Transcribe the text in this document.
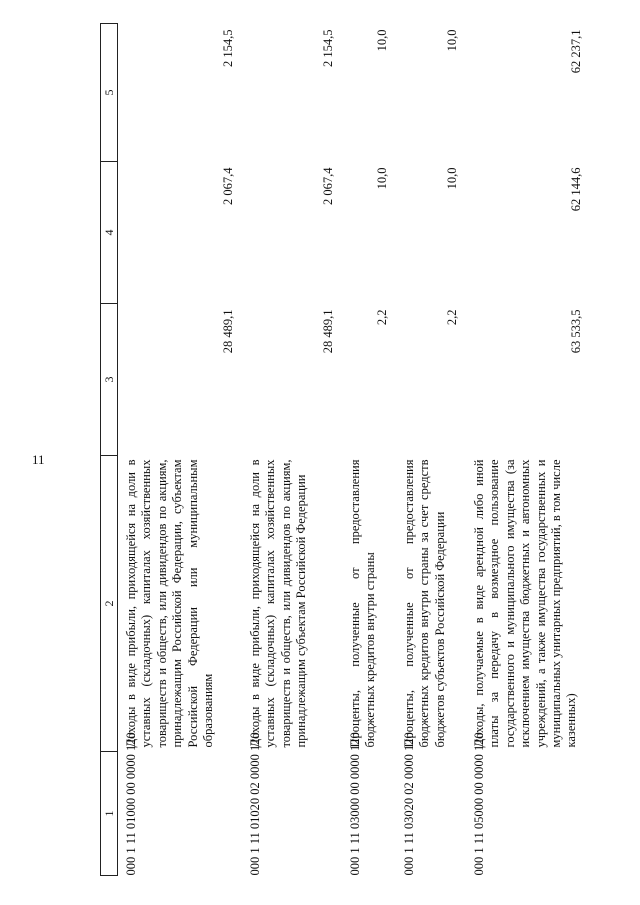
11
1	2	3	4	5
000 1 11 01000 00 0000 120	Доходы в виде прибыли, приходящейся на доли в уставных (складочных) капиталах хозяйственных товариществ и обществ, или дивидендов по акциям, принадлежащим Российской Федерации, субъектам Российской Федерации или муниципальным образованиям	28 489,1	2 067,4	2 154,5
000 1 11 01020 02 0000 120	Доходы в виде прибыли, приходящейся на доли в уставных (складочных) капиталах хозяйственных товариществ и обществ, или дивидендов по акциям, принадлежащим субъектам Российской Федерации	28 489,1	2 067,4	2 154,5
000 1 11 03000 00 0000 120	Проценты, полученные от предоставления бюджетных кредитов внутри страны	2,2	10,0	10,0
000 1 11 03020 02 0000 120	Проценты, полученные от предоставления бюджетных кредитов внутри страны за счет средств бюджетов субъектов Российской Федерации	2,2	10,0	10,0
000 1 11 05000 00 0000 120	Доходы, получаемые в виде арендной либо иной платы за передачу в возмездное пользование государственного и муниципального имущества (за исключением имущества бюджетных и автономных учреждений, а также имущества государственных и муниципальных унитарных предприятий, в том числе казенных)	63 533,5	62 144,6	62 237,1
